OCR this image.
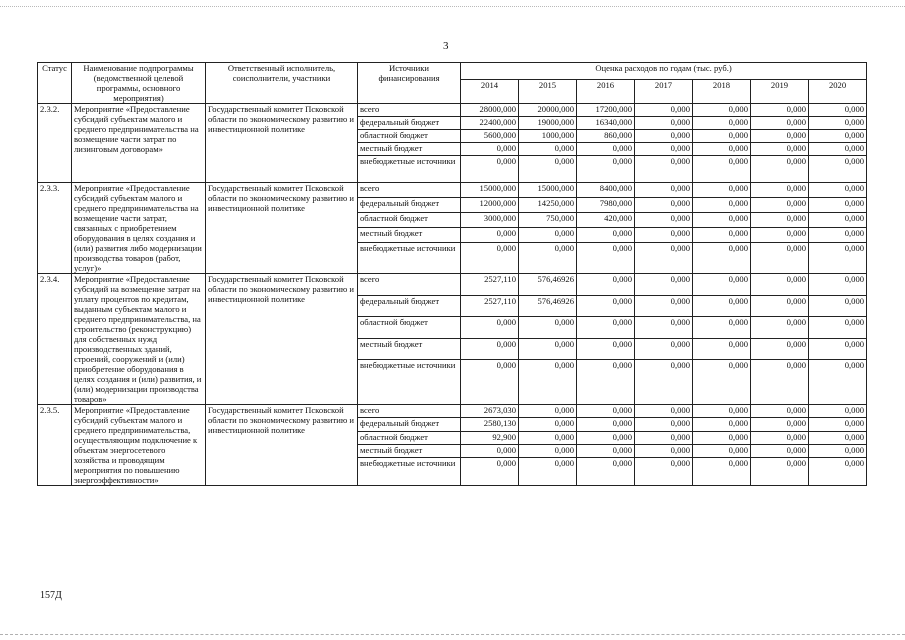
3
Статус	Наименование подпрограммы (ведомственной целевой программы, основного мероприятия)	Ответственный исполнитель, соисполнители, участники	Источники финансирования	Оценка расходов по годам (тыс. руб.)						
				2014	2015	2016	2017	2018	2019	2020
2.3.2.	Мероприятие «Предоставление субсидий субъектам малого и среднего предпринимательства на возмещение части затрат по лизинговым договорам»	Государственный комитет Псковской области по экономическому развитию и инвестиционной политике	всего	28000,000	20000,000	17200,000	0,000	0,000	0,000	0,000
			федеральный бюджет	22400,000	19000,000	16340,000	0,000	0,000	0,000	0,000
			областной бюджет	5600,000	1000,000	860,000	0,000	0,000	0,000	0,000
			местный бюджет	0,000	0,000	0,000	0,000	0,000	0,000	0,000
			внебюджетные источники	0,000	0,000	0,000	0,000	0,000	0,000	0,000
2.3.3.	Мероприятие «Предоставление субсидий субъектам малого и среднего предпринимательства на возмещение части затрат, связанных с приобретением оборудования в целях создания и (или) развития либо модернизации производства товаров (работ, услуг)»	Государственный комитет Псковской области по экономическому развитию и инвестиционной политике	всего	15000,000	15000,000	8400,000	0,000	0,000	0,000	0,000
			федеральный бюджет	12000,000	14250,000	7980,000	0,000	0,000	0,000	0,000
			областной бюджет	3000,000	750,000	420,000	0,000	0,000	0,000	0,000
			местный бюджет	0,000	0,000	0,000	0,000	0,000	0,000	0,000
			внебюджетные источники	0,000	0,000	0,000	0,000	0,000	0,000	0,000
2.3.4.	Мероприятие «Предоставление субсидий на возмещение затрат на уплату процентов по кредитам, выданным субъектам малого и среднего предпринимательства, на строительство (реконструкцию) для собственных нужд производственных зданий, строений, сооружений и (или) приобретение оборудования в целях создания и (или) развития, и (или) модернизации производства товаров»	Государственный комитет Псковской области по экономическому развитию и инвестиционной политике	всего	2527,110	576,46926	0,000	0,000	0,000	0,000	0,000
			федеральный бюджет	2527,110	576,46926	0,000	0,000	0,000	0,000	0,000
			областной бюджет	0,000	0,000	0,000	0,000	0,000	0,000	0,000
			местный бюджет	0,000	0,000	0,000	0,000	0,000	0,000	0,000
			внебюджетные источники	0,000	0,000	0,000	0,000	0,000	0,000	0,000
2.3.5.	Мероприятие «Предоставление субсидий субъектам малого и среднего предпринимательства, осуществляющим подключение к объектам энергосетевого хозяйства и проводящим мероприятия по повышению энергоэффективности»	Государственный комитет Псковской области по экономическому развитию и инвестиционной политике	всего	2673,030	0,000	0,000	0,000	0,000	0,000	0,000
			федеральный бюджет	2580,130	0,000	0,000	0,000	0,000	0,000	0,000
			областной бюджет	92,900	0,000	0,000	0,000	0,000	0,000	0,000
			местный бюджет	0,000	0,000	0,000	0,000	0,000	0,000	0,000
			внебюджетные источники	0,000	0,000	0,000	0,000	0,000	0,000	0,000
157Д
